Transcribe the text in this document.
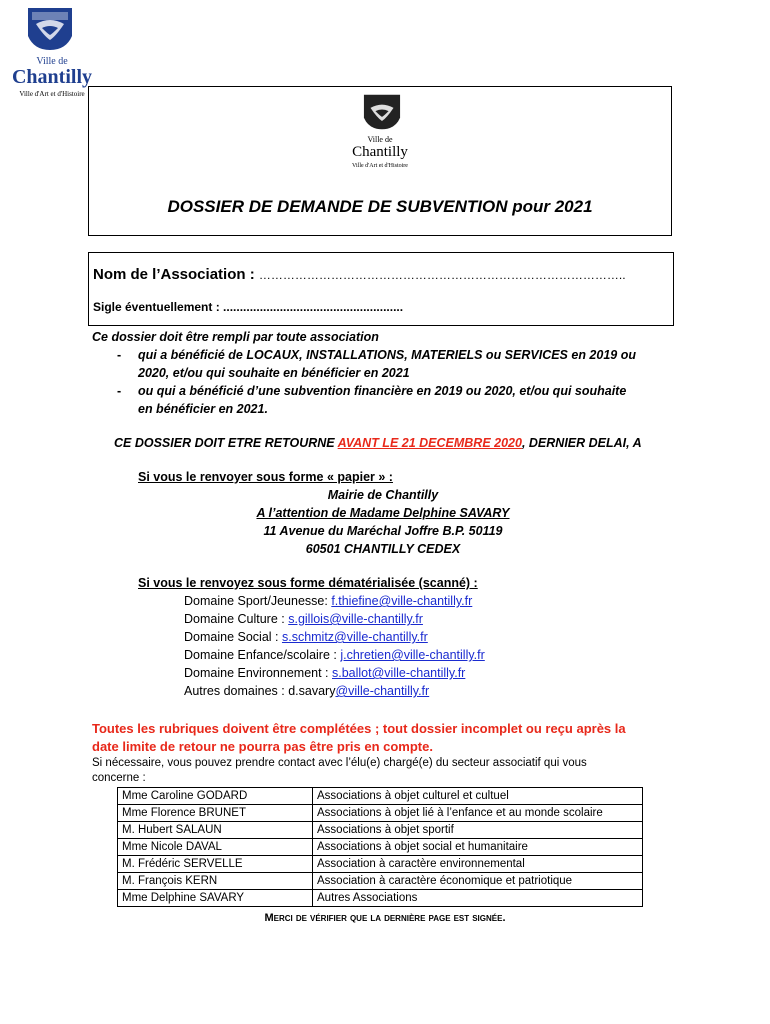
Ville de
Chantilly
Ville d'Art et d'Histoire
Ville de
Chantilly
Ville d'Art et d'Histoire
DOSSIER DE DEMANDE DE SUBVENTION pour 2021
Nom de l’Association : ………………………………………………………………………………..
Sigle éventuellement : ......................................................
Ce dossier doit être rempli par toute association
- qui a bénéficié de LOCAUX, INSTALLATIONS, MATERIELS ou SERVICES en 2019 ou
2020, et/ou qui souhaite en bénéficier en 2021
- ou qui a bénéficié d’une subvention financière en 2019 ou 2020, et/ou qui souhaite
en bénéficier en 2021.
CE DOSSIER DOIT ETRE RETOURNE AVANT LE 21 DECEMBRE 2020, DERNIER DELAI, A
Si vous le renvoyer sous forme « papier » :
Mairie de Chantilly
A l’attention de Madame Delphine SAVARY
11 Avenue du Maréchal Joffre B.P. 50119
60501 CHANTILLY CEDEX
Si vous le renvoyez sous forme dématérialisée (scanné) :
Domaine Sport/Jeunesse: f.thiefine@ville-chantilly.fr
Domaine Culture : s.gillois@ville-chantilly.fr
Domaine Social : s.schmitz@ville-chantilly.fr
Domaine Enfance/scolaire : j.chretien@ville-chantilly.fr
Domaine Environnement : s.ballot@ville-chantilly.fr
Autres domaines : d.savary@ville-chantilly.fr
Toutes les rubriques doivent être complétées ; tout dossier incomplet ou reçu après la
date limite de retour ne pourra pas être pris en compte.
Si nécessaire, vous pouvez prendre contact avec l’élu(e) chargé(e) du secteur associatif qui vous
concerne :
Mme Caroline GODARD	Associations à objet culturel et cultuel
Mme Florence BRUNET	Associations à objet lié à l’enfance et au monde scolaire
M. Hubert SALAUN	Associations à objet sportif
Mme Nicole DAVAL	Associations à objet social et humanitaire
M. Frédéric SERVELLE	Association à caractère environnemental
M. François KERN	Association à caractère économique et patriotique
Mme Delphine SAVARY	Autres Associations
Merci de vérifier que la dernière page est signée.
